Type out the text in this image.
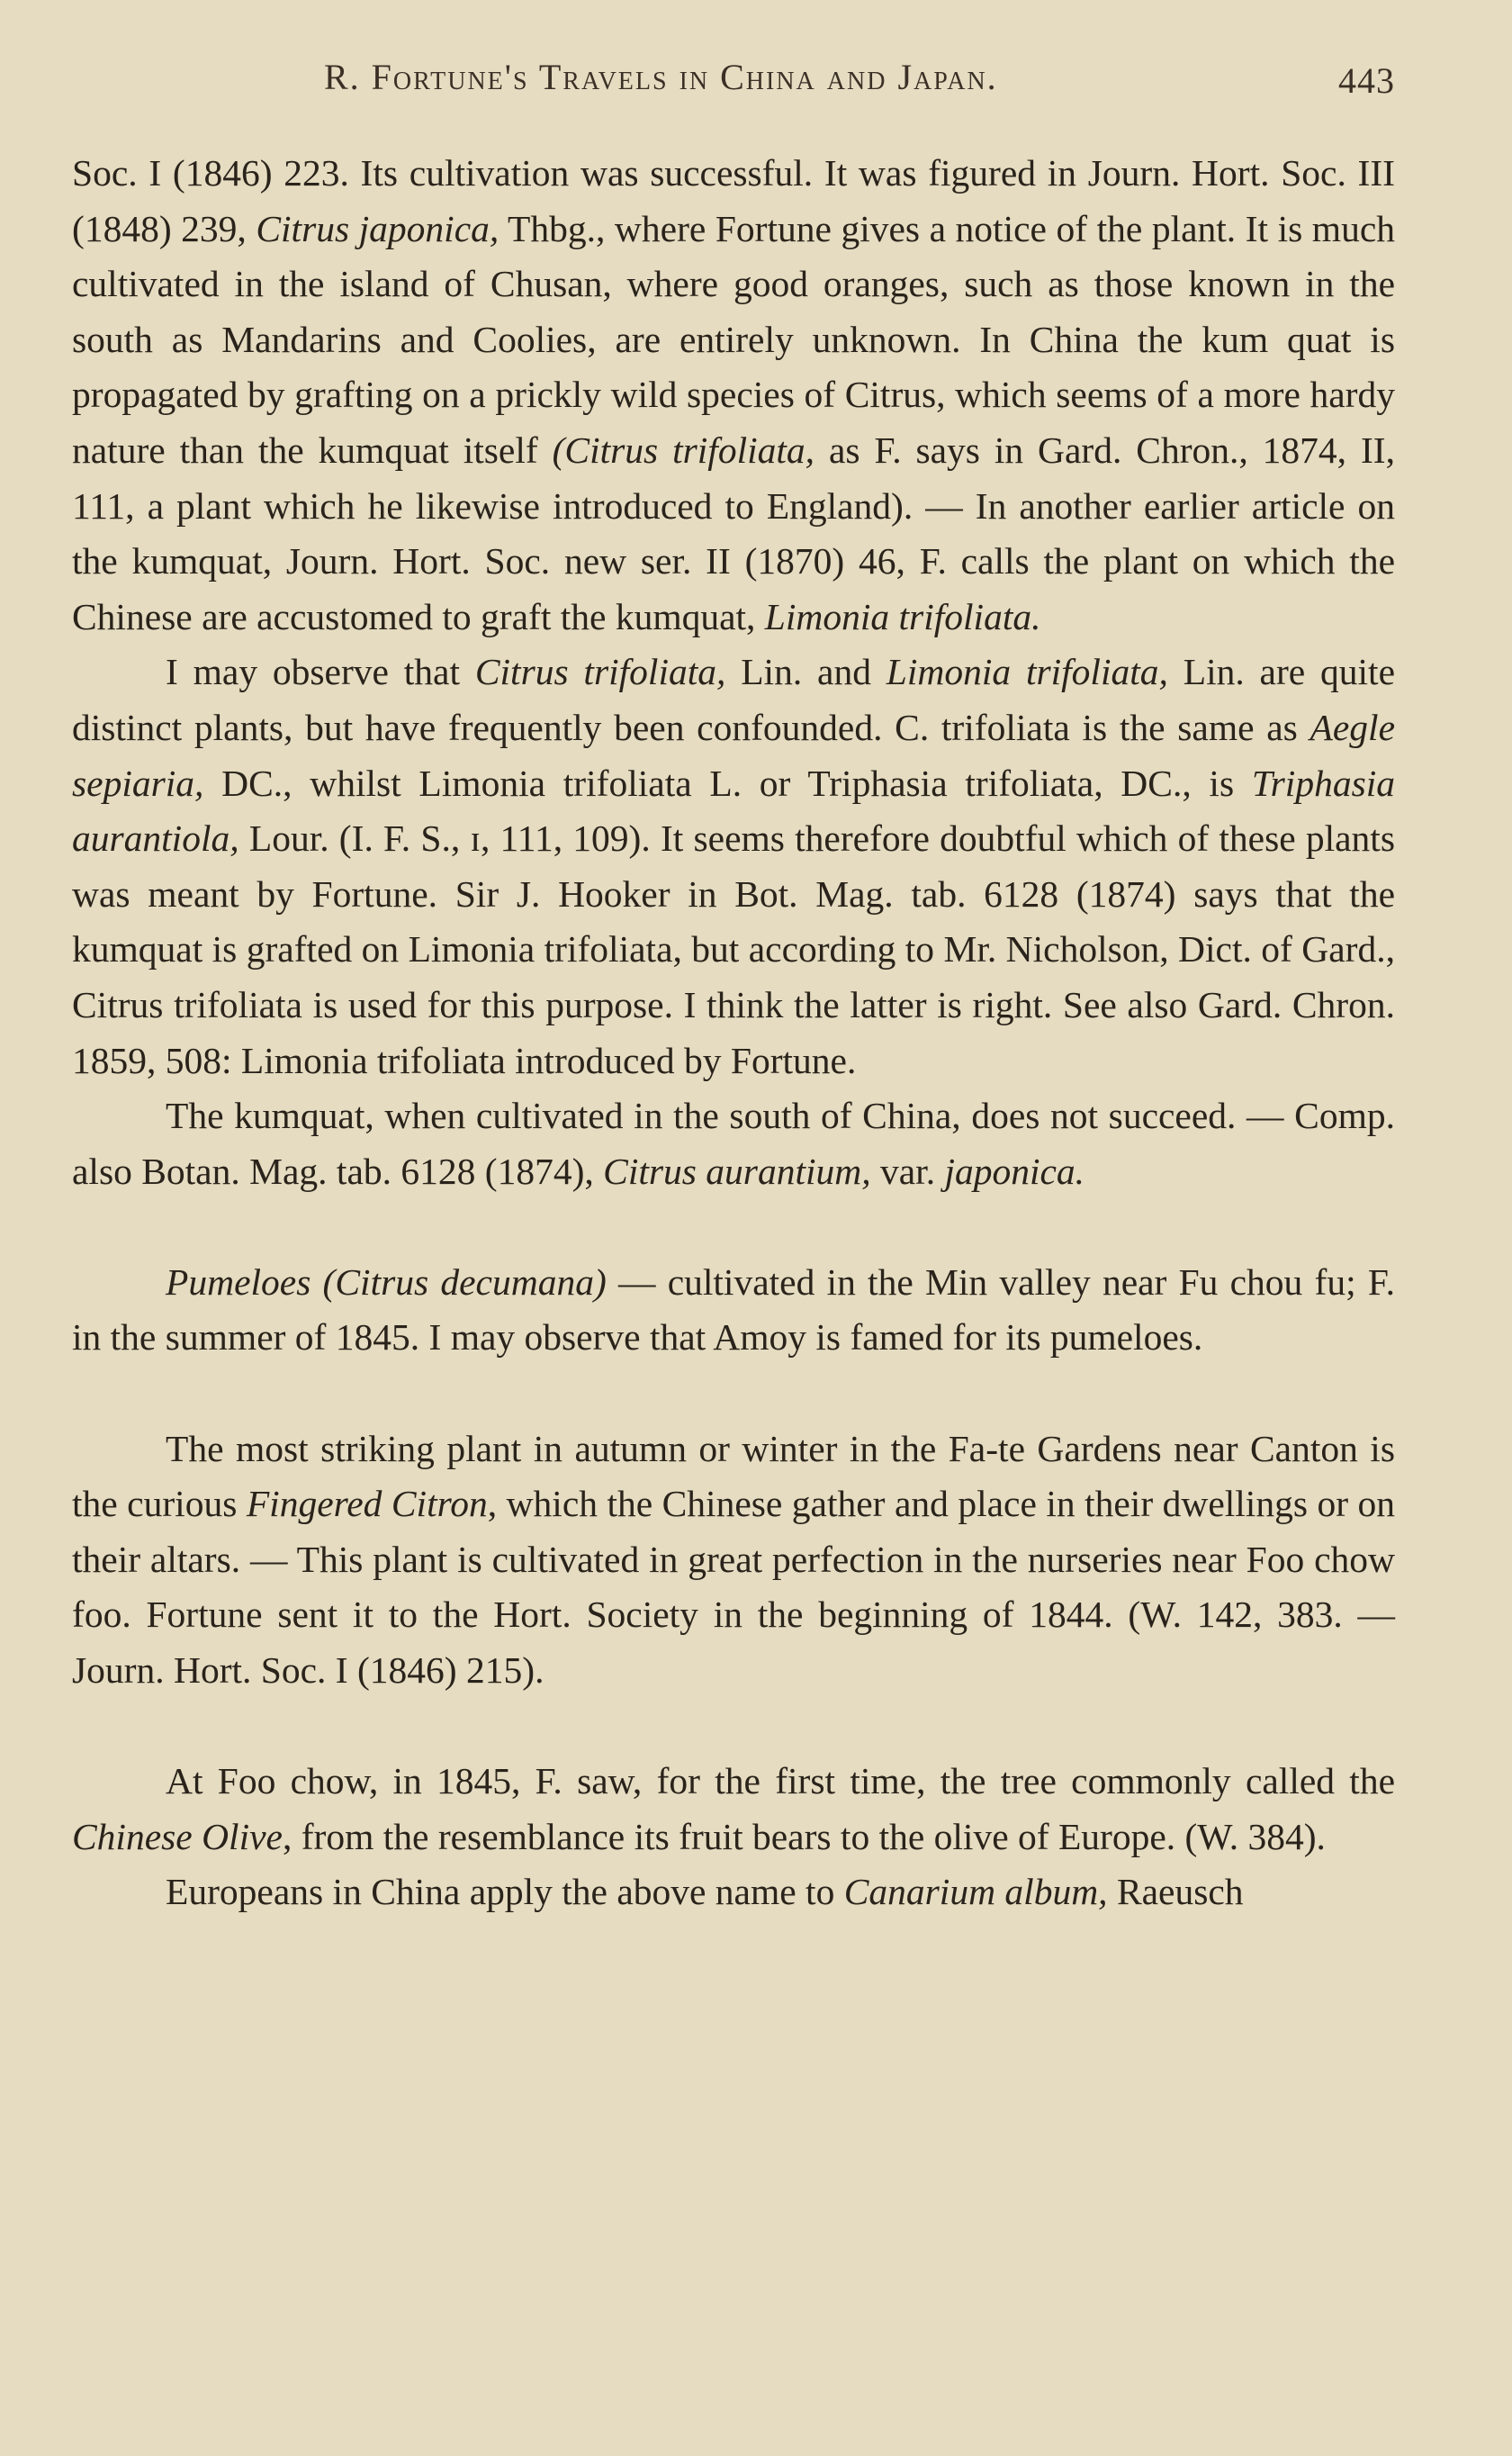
R. Fortune's Travels in China and Japan.	443

Soc. I (1846) 223. Its cultivation was successful. It was figured in Journ. Hort. Soc. III (1848) 239, Citrus japonica, Thbg., where Fortune gives a notice of the plant. It is much cultivated in the island of Chusan, where good oranges, such as those known in the south as Mandarins and Coolies, are entirely unknown. In China the kum quat is propagated by grafting on a prickly wild species of Citrus, which seems of a more hardy nature than the kumquat itself (Citrus trifoliata, as F. says in Gard. Chron., 1874, II, 111, a plant which he likewise introduced to England). — In another earlier article on the kumquat, Journ. Hort. Soc. new ser. II (1870) 46, F. calls the plant on which the Chinese are accustomed to graft the kumquat, Limonia trifoliata.

I may observe that Citrus trifoliata, Lin. and Limonia trifoliata, Lin. are quite distinct plants, but have frequently been confounded. C. trifoliata is the same as Aegle sepiaria, DC., whilst Limonia trifoliata L. or Triphasia trifoliata, DC., is Triphasia aurantiola, Lour. (I. F. S., ɪ, 111, 109). It seems therefore doubtful which of these plants was meant by Fortune. Sir J. Hooker in Bot. Mag. tab. 6128 (1874) says that the kumquat is grafted on Limonia trifoliata, but according to Mr. Nicholson, Dict. of Gard., Citrus trifoliata is used for this purpose. I think the latter is right. See also Gard. Chron. 1859, 508: Limonia trifoliata introduced by Fortune.

The kumquat, when cultivated in the south of China, does not succeed. — Comp. also Botan. Mag. tab. 6128 (1874), Citrus aurantium, var. japonica.

Pumeloes (Citrus decumana) — cultivated in the Min valley near Fu chou fu; F. in the summer of 1845. I may observe that Amoy is famed for its pumeloes.

The most striking plant in autumn or winter in the Fa-te Gardens near Canton is the curious Fingered Citron, which the Chinese gather and place in their dwellings or on their altars. — This plant is cultivated in great perfection in the nurseries near Foo chow foo. Fortune sent it to the Hort. Society in the beginning of 1844. (W. 142, 383. — Journ. Hort. Soc. I (1846) 215).

At Foo chow, in 1845, F. saw, for the first time, the tree commonly called the Chinese Olive, from the resemblance its fruit bears to the olive of Europe. (W. 384).

Europeans in China apply the above name to Canarium album, Raeusch
